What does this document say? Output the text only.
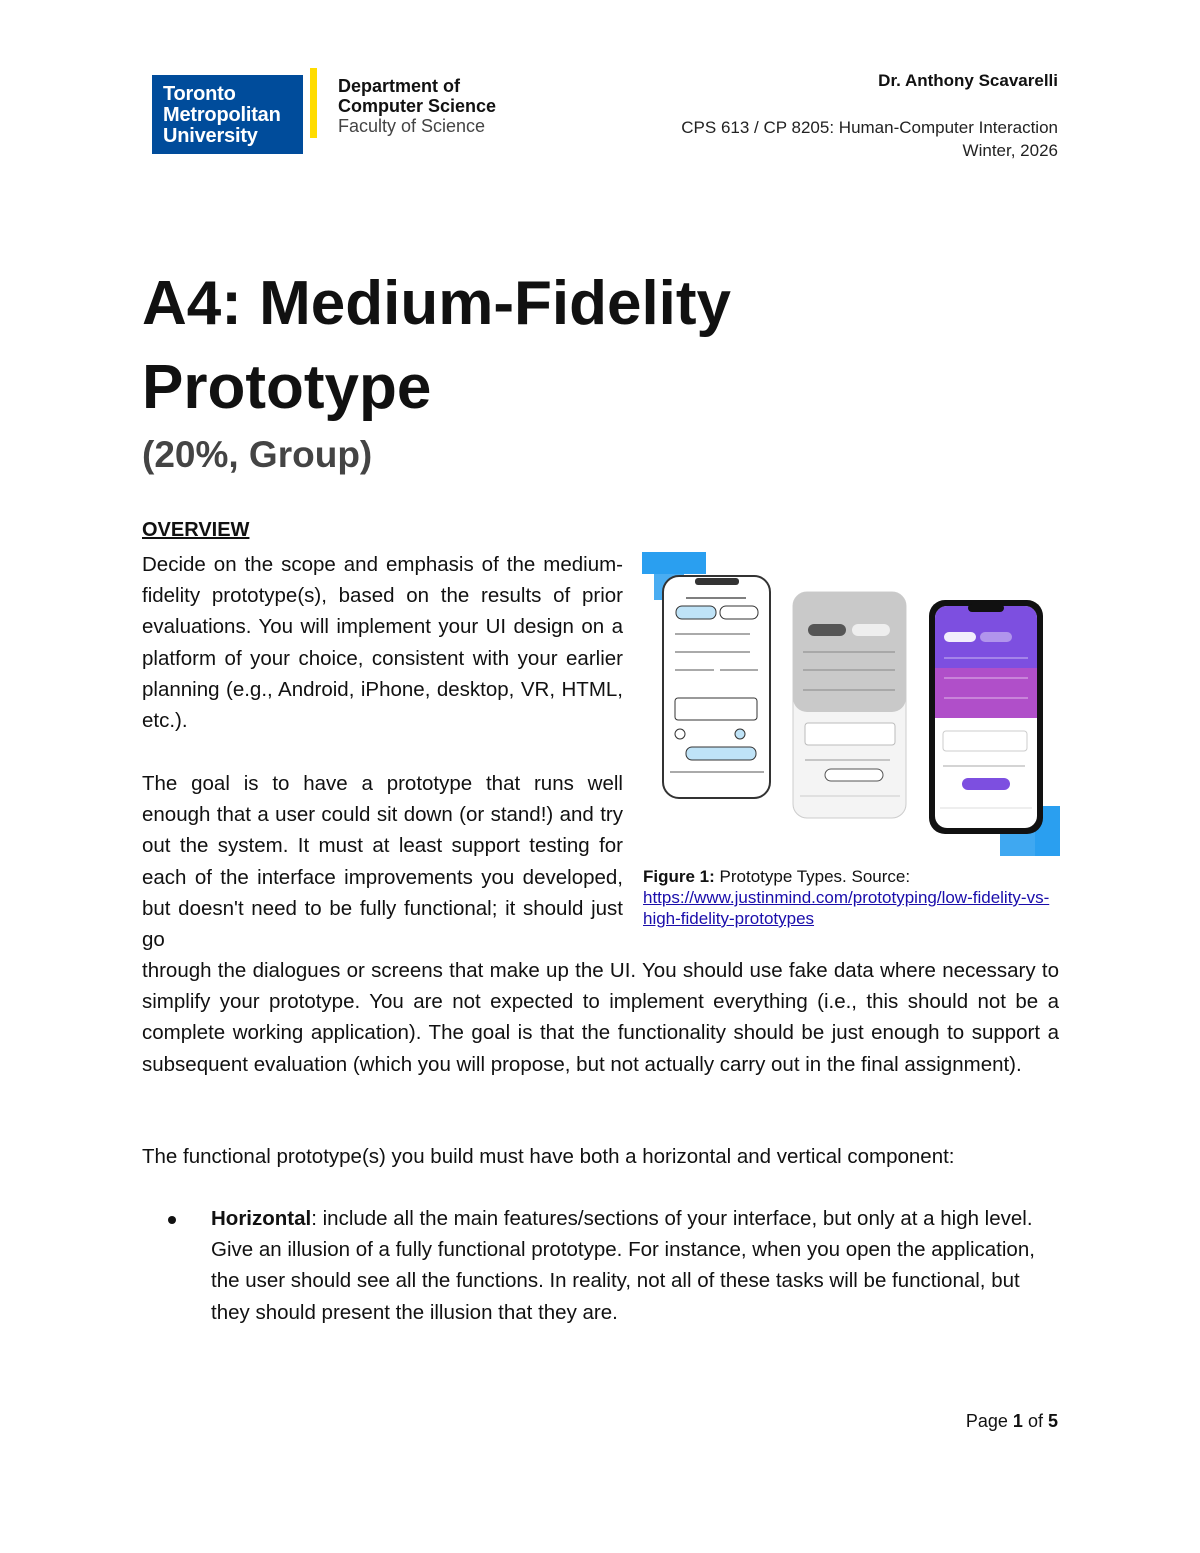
Toronto
Metropolitan
University
Department of
Computer Science
Faculty of Science
Dr. Anthony Scavarelli
CPS 613 / CP 8205: Human-Computer Interaction
Winter, 2026
A4: Medium-Fidelity
Prototype
(20%, Group)
OVERVIEW
Decide on the scope and emphasis of the medium-fidelity prototype(s), based on the results of prior evaluations. You will implement your UI design on a platform of your choice, consistent with your earlier planning (e.g., Android, iPhone, desktop, VR, HTML, etc.).
The goal is to have a prototype that runs well enough that a user could sit down (or stand!) and try out the system. It must at least support testing for each of the interface improvements you developed, but doesn't need to be fully functional; it should just go
through the dialogues or screens that make up the UI. You should use fake data where necessary to simplify your prototype. You are not expected to implement everything (i.e., this should not be a complete working application). The goal is that the functionality should be just enough to support a subsequent evaluation (which you will propose, but not actually carry out in the final assignment).
The functional prototype(s) you build must have both a horizontal and vertical component:
Horizontal: include all the main features/sections of your interface, but only at a high level. Give an illusion of a fully functional prototype. For instance, when you open the application, the user should see all the functions. In reality, not all of these tasks will be functional, but they should present the illusion that they are.
Figure 1: Prototype Types. Source:
https://www.justinmind.com/prototyping/low-fidelity-vs-high-fidelity-prototypes
Page 1 of 5
